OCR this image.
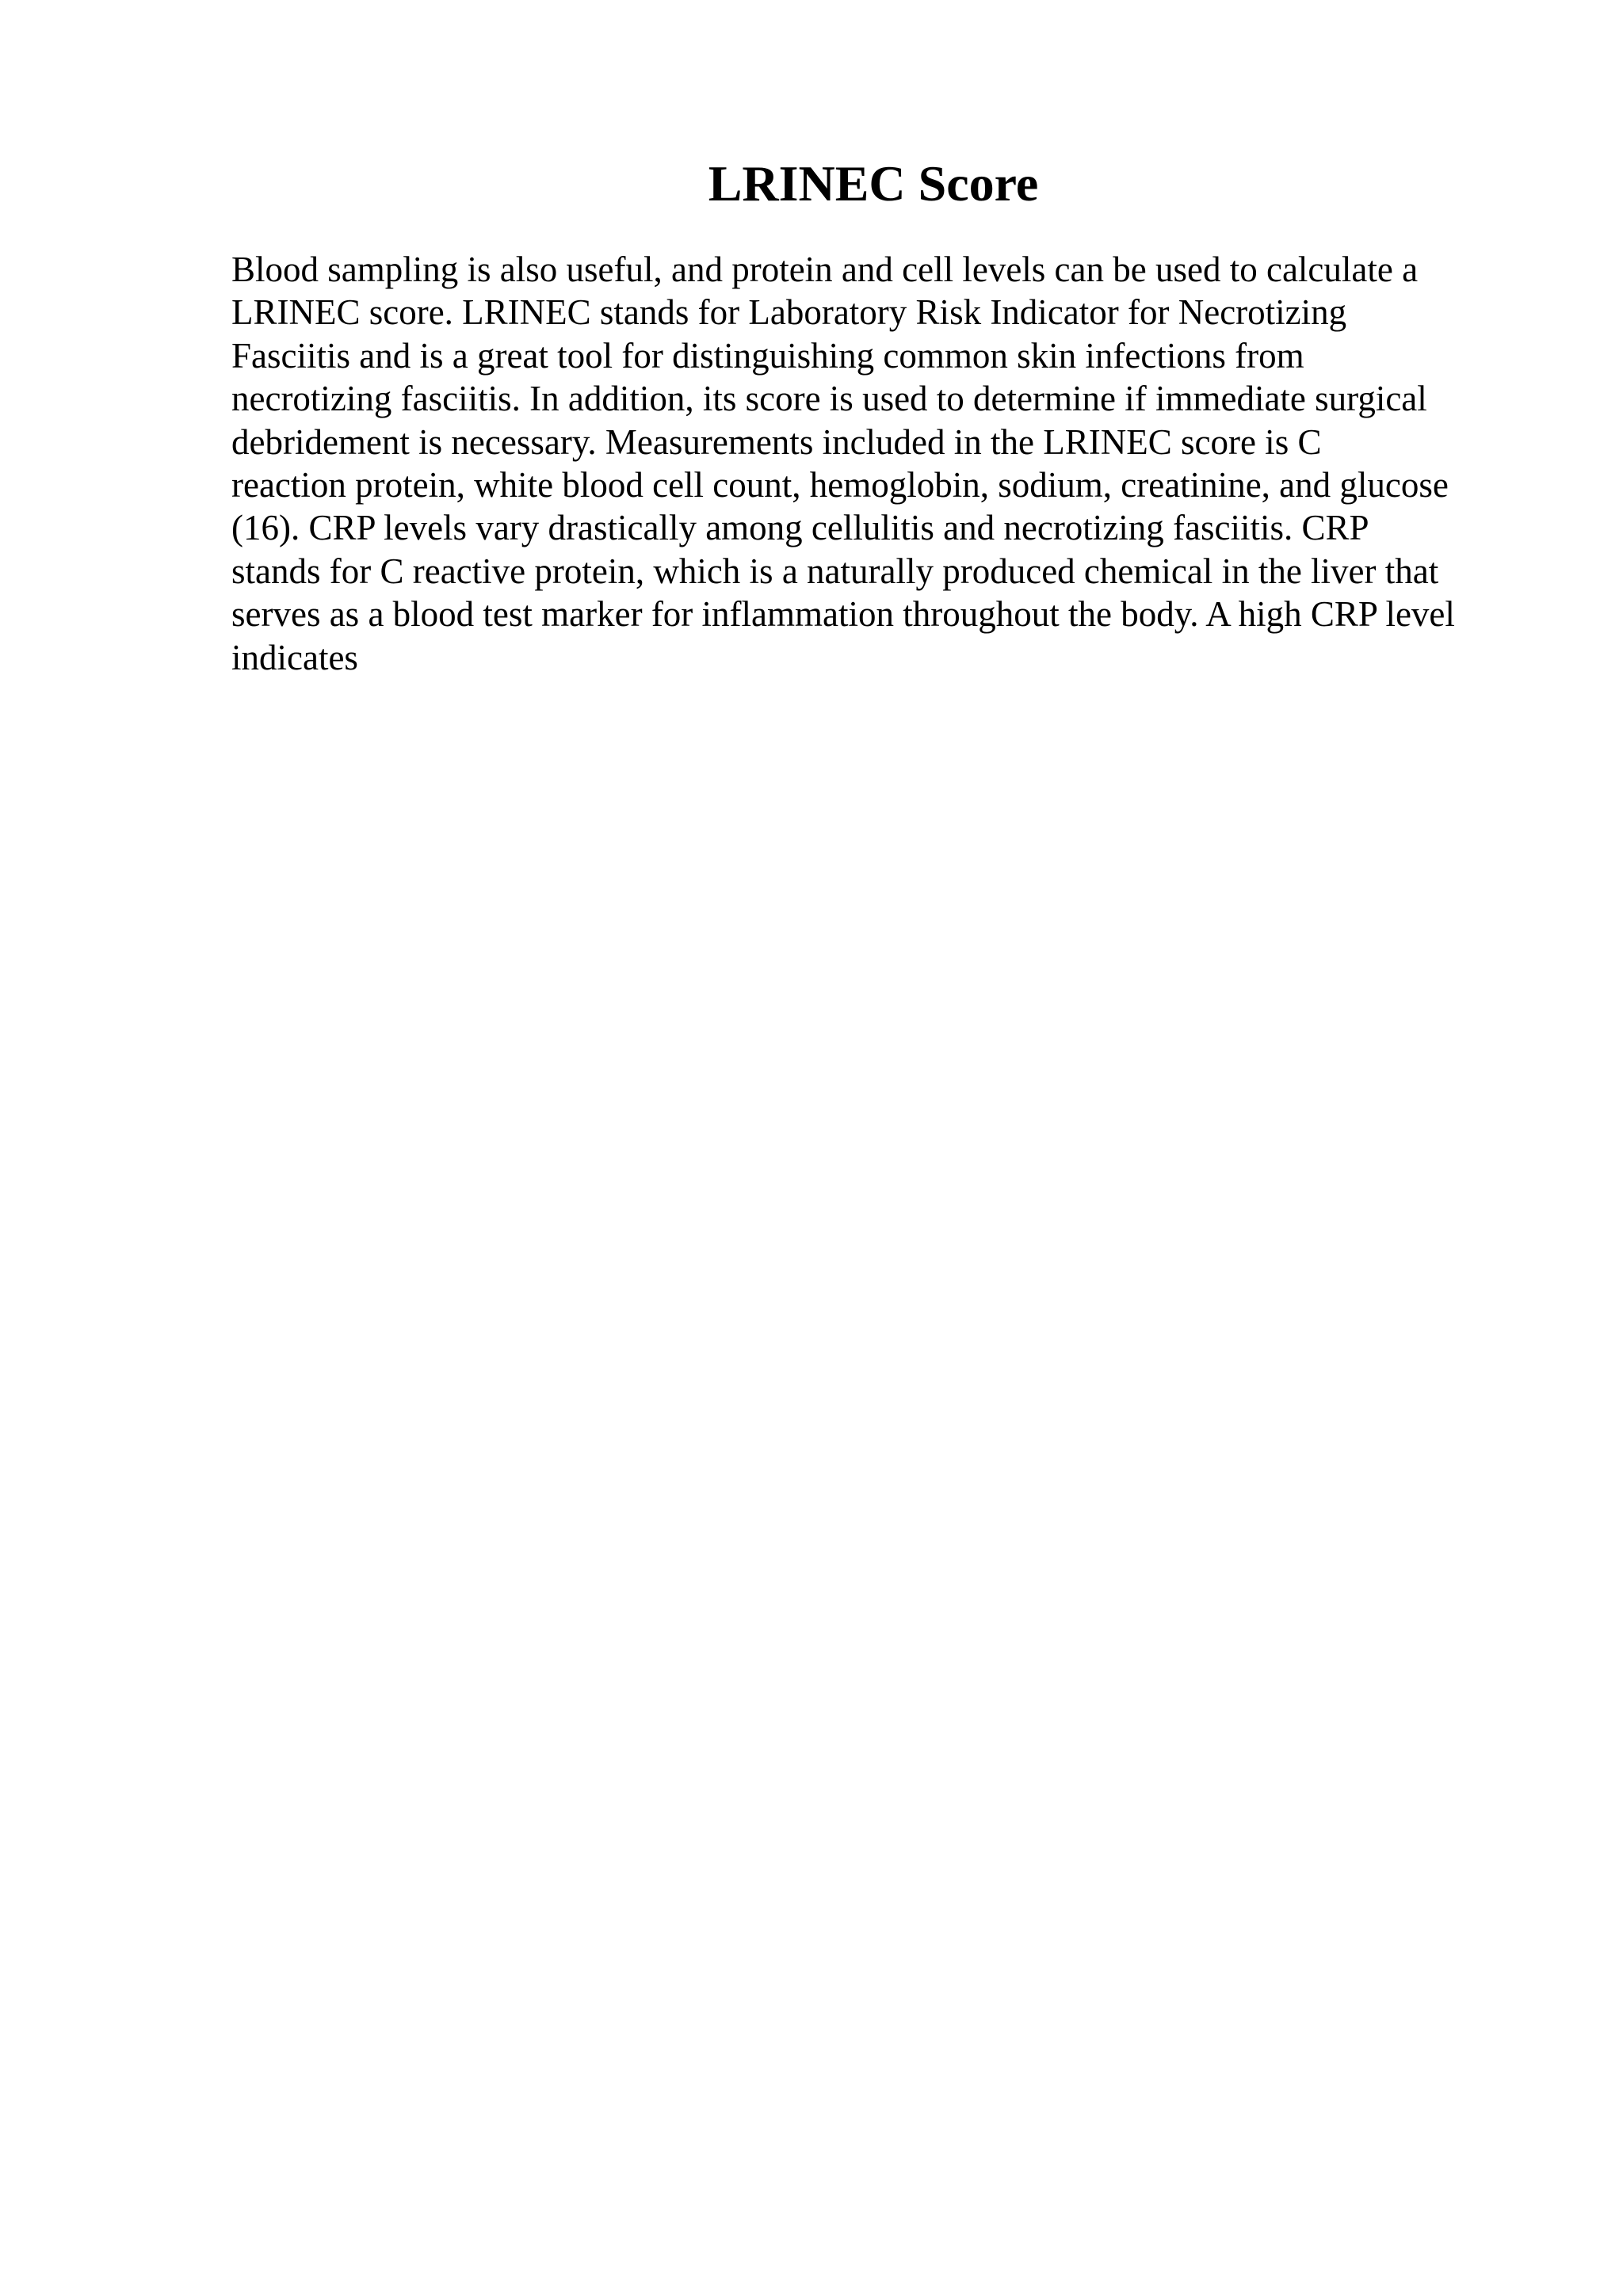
LRINEC Score

Blood sampling is also useful, and protein and cell levels can be used to calculate a
LRINEC score. LRINEC stands for Laboratory Risk Indicator for Necrotizing
Fasciitis and is a great tool for distinguishing common skin infections from
necrotizing fasciitis. In addition, its score is used to determine if immediate surgical
debridement is necessary. Measurements included in the LRINEC score is C
reaction protein, white blood cell count, hemoglobin, sodium, creatinine, and glucose
(16). CRP levels vary drastically among cellulitis and necrotizing fasciitis. CRP
stands for C reactive protein, which is a naturally produced chemical in the liver that
serves as a blood test marker for inflammation throughout the body. A high CRP level
indicates
